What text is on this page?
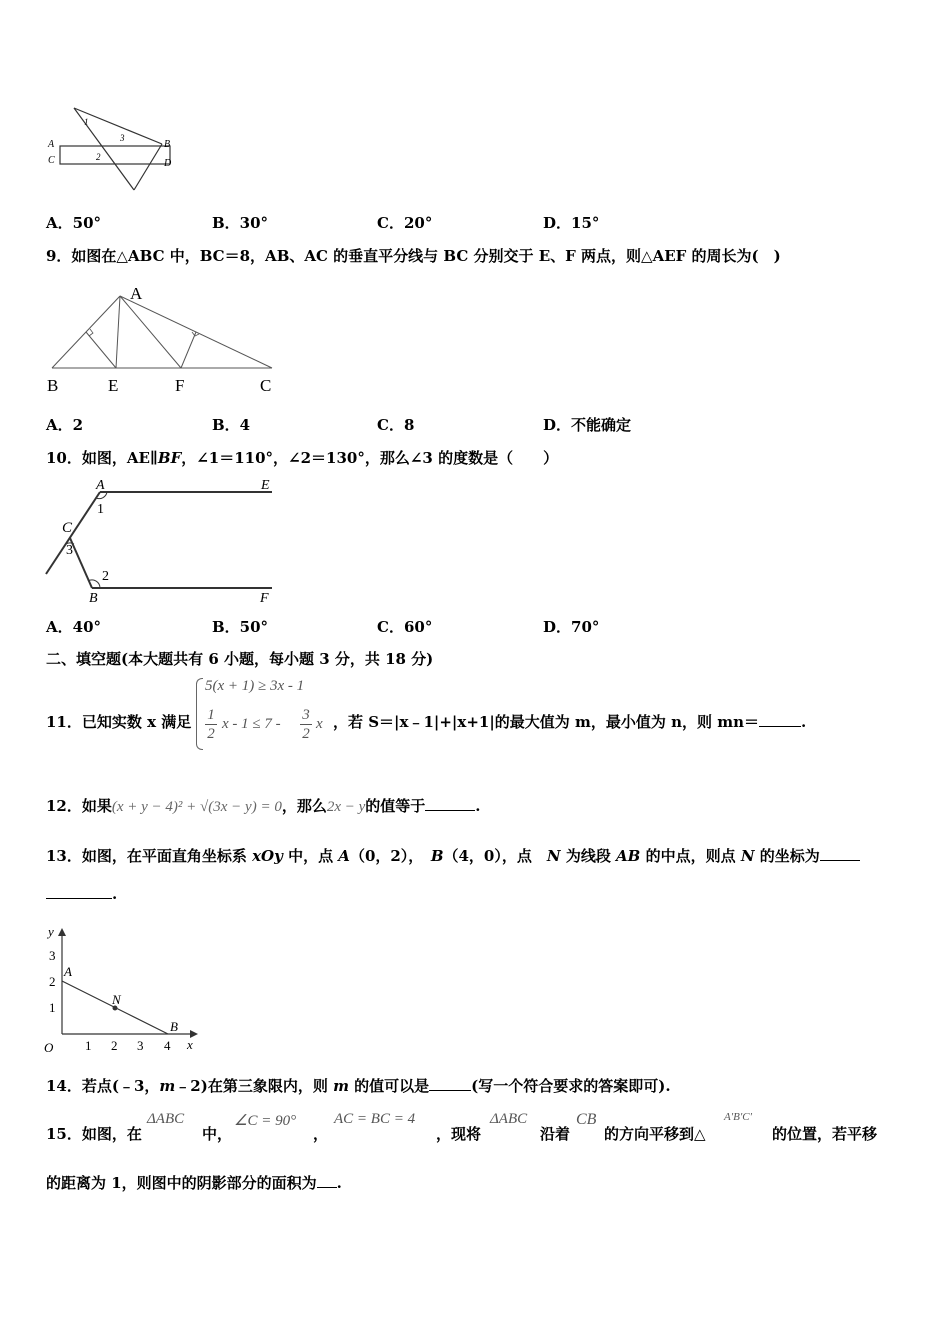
A
C
B
D
1
2
3
A．50°	B．30°	C．20°	D．15°
9．如图在△ABC 中，BC＝8，AB、AC 的垂直平分线与 BC 分别交于 E、F 两点，则△AEF 的周长为(　)
A
B	E	F	C
A．2	B．4	C．8	D．不能确定
10．如图，AE∥BF，∠1＝110°，∠2＝130°，那么∠3 的度数是（　　）
A	E
C
B	F
1
2
3
A．40°	B．50°	C．60°	D．70°
二、填空题(本大题共有 6 小题，每小题 3 分，共 18 分)
11．已知实数 x 满足
5(x + 1) ≥ 3x - 1
$\frac{1}{2}$ $x - 1 \le 7 - \frac{3}{2}$ x ，若 S＝|x﹣1|+|x+1|的最大值为 m，最小值为 n，则 mn＝	.
12．如果(x + y − 4)² + √(3x − y) = 0，那么2x − y的值等于	.
13．如图，在平面直角坐标系 xOy 中，点 A（0，2），　B（4，0），点　N 为线段 AB 的中点，则点 N 的坐标为
.
y
x
O 1 2 3 4
1
2
3
A
N
B
14．若点(﹣3，m﹣2)在第三象限内，则 m 的值可以是	(写一个符合要求的答案即可).
15．如图，在
ΔABC
中，
∠C = 90°
，
AC = BC = 4
，现将
ΔABC
沿着
CB
的方向平移到△
A′B′C′
的位置，若平移
的距离为 1，则图中的阴影部分的面积为 .
